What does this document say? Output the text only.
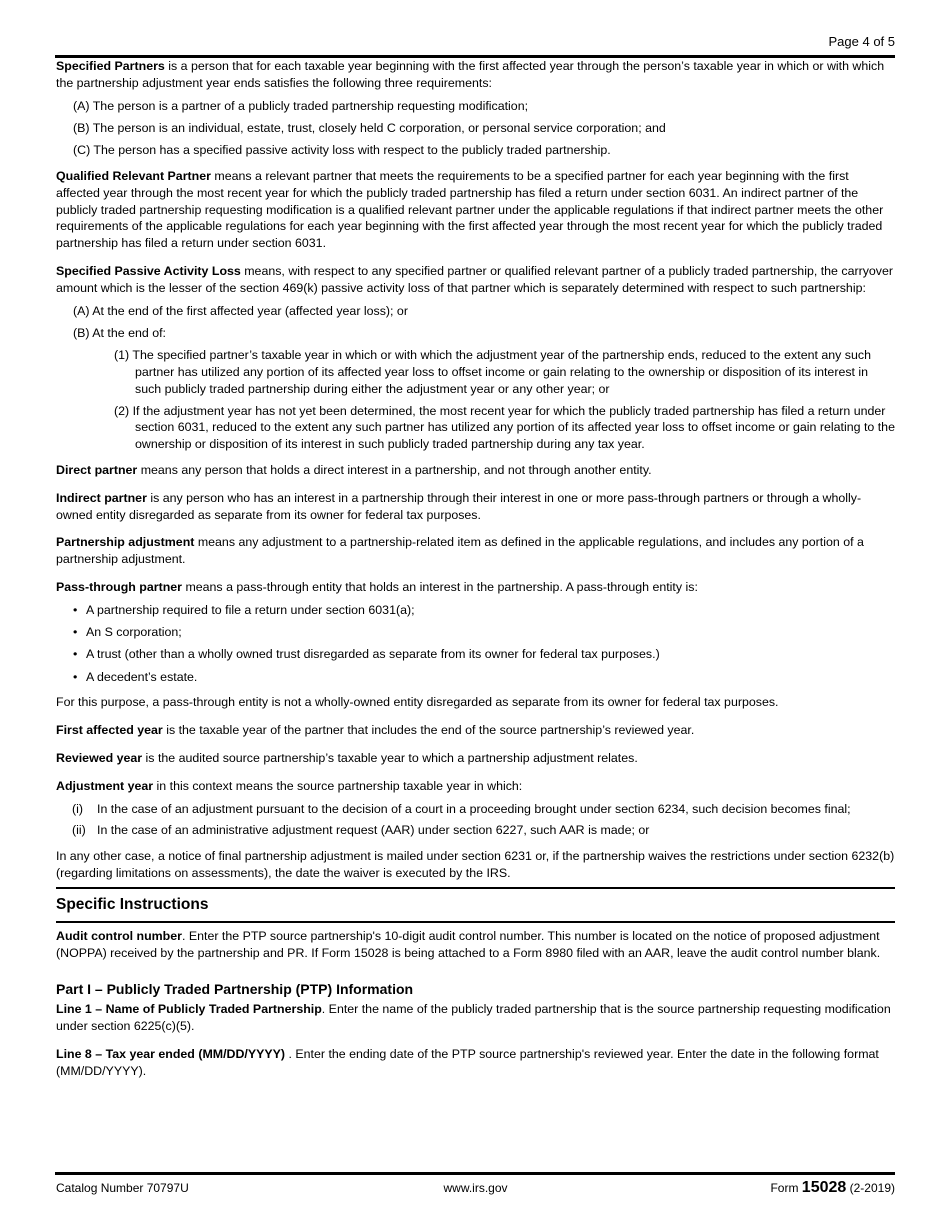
Page 4 of 5

Specified Partners is a person that for each taxable year beginning with the first affected year through the person’s taxable year in which or with which the partnership adjustment year ends satisfies the following three requirements:

(A) The person is a partner of a publicly traded partnership requesting modification;

(B) The person is an individual, estate, trust, closely held C corporation, or personal service corporation; and

(C) The person has a specified passive activity loss with respect to the publicly traded partnership.

Qualified Relevant Partner means a relevant partner that meets the requirements to be a specified partner for each year beginning with the first affected year through the most recent year for which the publicly traded partnership has filed a return under section 6031. An indirect partner of the publicly traded partnership requesting modification is a qualified relevant partner under the applicable regulations if that indirect partner meets the other requirements of the applicable regulations for each year beginning with the first affected year through the most recent year for which the publicly traded partnership has filed a return under section 6031.

Specified Passive Activity Loss means, with respect to any specified partner or qualified relevant partner of a publicly traded partnership, the carryover amount which is the lesser of the section 469(k) passive activity loss of that partner which is separately determined with respect to such partnership:

(A) At the end of the first affected year (affected year loss); or

(B) At the end of:

(1) The specified partner’s taxable year in which or with which the adjustment year of the partnership ends, reduced to the extent any such partner has utilized any portion of its affected year loss to offset income or gain relating to the ownership or disposition of its interest in such publicly traded partnership during either the adjustment year or any other year; or

(2) If the adjustment year has not yet been determined, the most recent year for which the publicly traded partnership has filed a return under section 6031, reduced to the extent any such partner has utilized any portion of its affected year loss to offset income or gain relating to the ownership or disposition of its interest in such publicly traded partnership during any tax year.

Direct partner means any person that holds a direct interest in a partnership, and not through another entity.

Indirect partner is any person who has an interest in a partnership through their interest in one or more pass-through partners or through a wholly-owned entity disregarded as separate from its owner for federal tax purposes.

Partnership adjustment means any adjustment to a partnership-related item as defined in the applicable regulations, and includes any portion of a partnership adjustment.

Pass-through partner means a pass-through entity that holds an interest in the partnership. A pass-through entity is:

• A partnership required to file a return under section 6031(a);

• An S corporation;

• A trust (other than a wholly owned trust disregarded as separate from its owner for federal tax purposes.)

• A decedent’s estate.

For this purpose, a pass-through entity is not a wholly-owned entity disregarded as separate from its owner for federal tax purposes.

First affected year is the taxable year of the partner that includes the end of the source partnership’s reviewed year.

Reviewed year is the audited source partnership’s taxable year to which a partnership adjustment relates.

Adjustment year in this context means the source partnership taxable year in which:

(i) In the case of an adjustment pursuant to the decision of a court in a proceeding brought under section 6234, such decision becomes final;

(ii) In the case of an administrative adjustment request (AAR) under section 6227, such AAR is made; or

In any other case, a notice of final partnership adjustment is mailed under section 6231 or, if the partnership waives the restrictions under section 6232(b) (regarding limitations on assessments), the date the waiver is executed by the IRS.

Specific Instructions

Audit control number. Enter the PTP source partnership's 10-digit audit control number. This number is located on the notice of proposed adjustment (NOPPA) received by the partnership and PR. If Form 15028 is being attached to a Form 8980 filed with an AAR, leave the audit control number blank.

Part I – Publicly Traded Partnership (PTP) Information

Line 1 – Name of Publicly Traded Partnership. Enter the name of the publicly traded partnership that is the source partnership requesting modification under section 6225(c)(5).

Line 8 – Tax year ended (MM/DD/YYYY) . Enter the ending date of the PTP source partnership's reviewed year. Enter the date in the following format (MM/DD/YYYY).

Catalog Number 70797U	www.irs.gov	Form 15028 (2-2019)
